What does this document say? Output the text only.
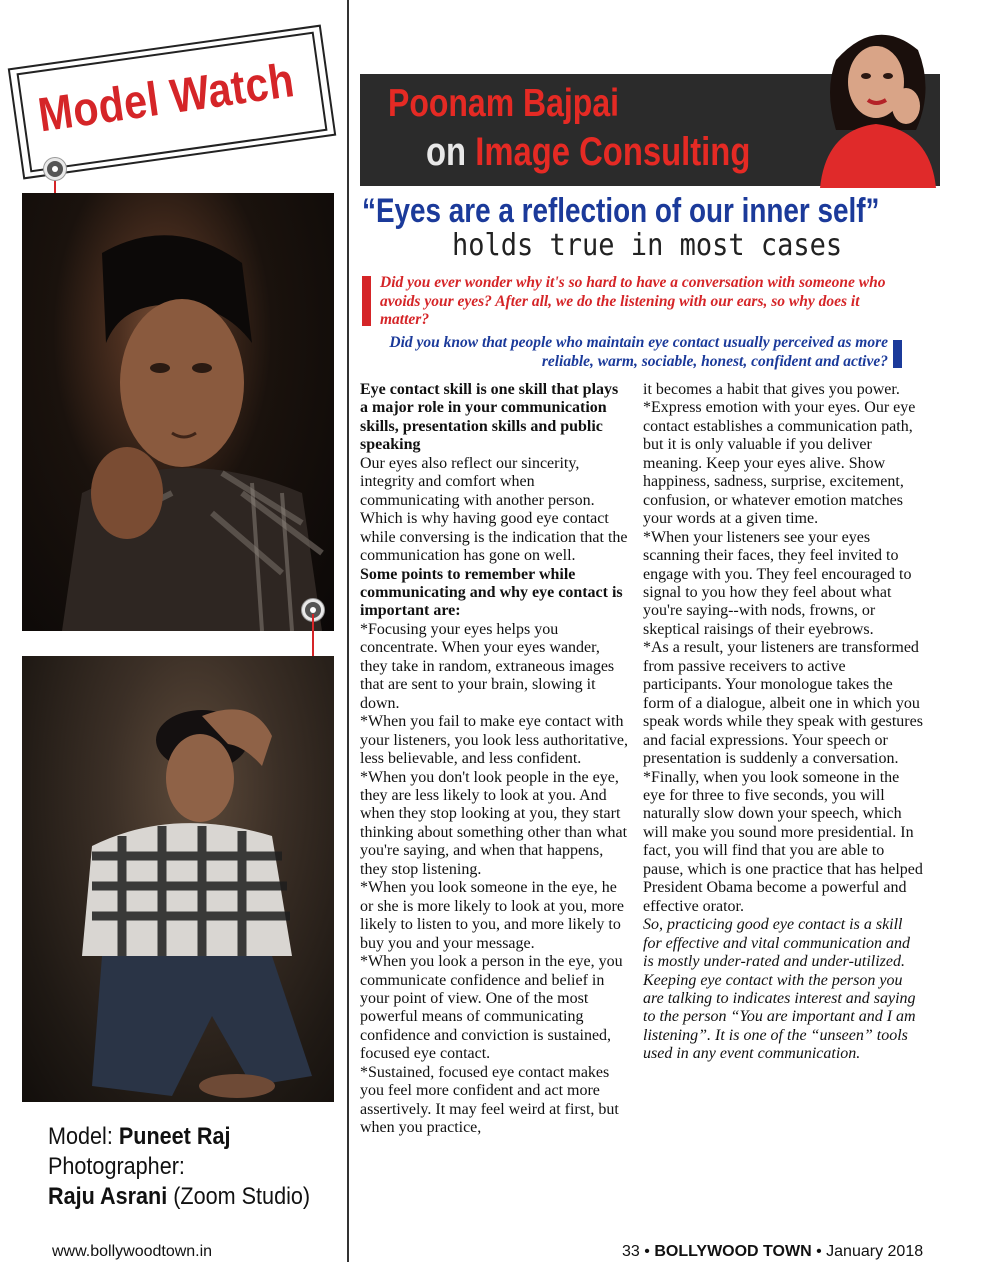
Model Watch
Model: Puneet Raj
Photographer:
Raju Asrani (Zoom Studio)
Poonam Bajpai
on Image Consulting
“Eyes are a reflection of our inner self”
holds true in most cases
Did you ever wonder why it's so hard to have a conversation with someone who avoids your eyes? After all, we do the listening with our ears, so why does it matter?
Did you know that people who maintain eye contact usually perceived as more reliable, warm, sociable, honest, confident and active?

Eye contact skill is one skill that plays a major role in your communication skills, presentation skills and public speaking

Our eyes also reflect our sincerity, integrity and comfort when communicating with another person. Which is why having good eye contact while conversing is the indication that the communication has gone on well.

Some points to remember while communicating and why eye contact is important are:

*Focusing your eyes helps you concentrate. When your eyes wander, they take in random, extraneous images that are sent to your brain, slowing it down.

*When you fail to make eye contact with your listeners, you look less authoritative, less believable, and less confident.

*When you don't look people in the eye, they are less likely to look at you. And when they stop looking at you, they start thinking about something other than what you're saying, and when that happens, they stop listening.

*When you look someone in the eye, he or she is more likely to look at you, more likely to listen to you, and more likely to buy you and your message.

*When you look a person in the eye, you communicate confidence and belief in your point of view. One of the most powerful means of communicating confidence and conviction is sustained, focused eye contact.

*Sustained, focused eye contact makes you feel more confident and act more assertively. It may feel weird at first, but when you practice,

it becomes a habit that gives you power.

*Express emotion with your eyes. Our eye contact establishes a communication path, but it is only valuable if you deliver meaning. Keep your eyes alive. Show happiness, sadness, surprise, excitement, confusion, or whatever emotion matches your words at a given time.

*When your listeners see your eyes scanning their faces, they feel invited to engage with you. They feel encouraged to signal to you how they feel about what you're saying--with nods, frowns, or skeptical raisings of their eyebrows.

*As a result, your listeners are transformed from passive receivers to active participants. Your monologue takes the form of a dialogue, albeit one in which you speak words while they speak with gestures and facial expressions. Your speech or presentation is suddenly a conversation.

*Finally, when you look someone in the eye for three to five seconds, you will naturally slow down your speech, which will make you sound more presidential. In fact, you will find that you are able to pause, which is one practice that has helped President Obama become a powerful and effective orator.

So, practicing good eye contact is a skill for effective and vital communication and is mostly under-rated and under-utilized. Keeping eye contact with the person you are talking to indicates interest and saying to the person “You are important and I am listening”. It is one of the “unseen” tools used in any event communication.

www.bollywoodtown.in	33 • BOLLYWOOD TOWN • January 2018
